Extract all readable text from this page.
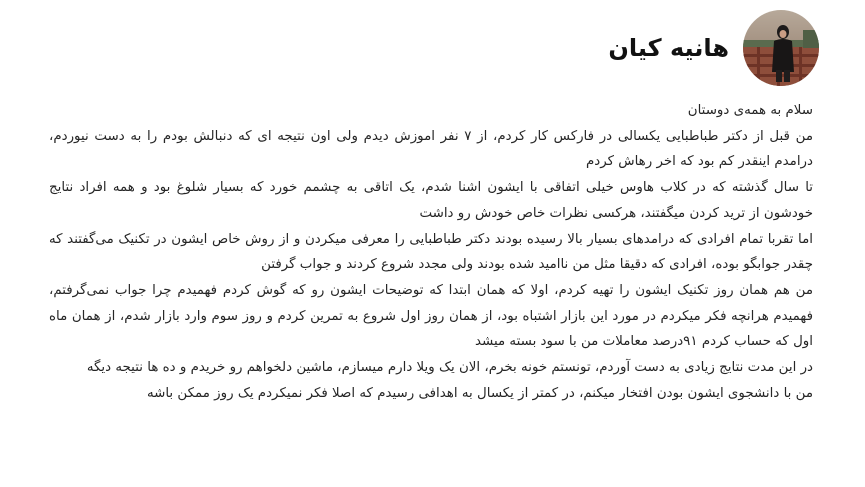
هانیه کیان

سلام به همه‌ی دوستان

من قبل از دکتر طباطبایی یکسالی در فارکس کار کردم، از ۷ نفر اموزش دیدم ولی اون نتیجه ای که دنبالش بودم را به دست نیوردم، درامدم اینقدر کم بود که اخر رهاش کردم

تا سال گذشته که در کلاب هاوس خیلی اتفاقی با ایشون اشنا شدم، یک اتاقی به چشمم خورد که بسیار شلوغ بود و همه افراد نتایج خودشون از ترید کردن میگفتند، هرکسی نظرات خاص خودش رو داشت

اما تقربا تمام افرادی که درامدهای بسیار بالا رسیده بودند دکتر طباطبایی را معرفی میکردن و از روش خاص ایشون در تکنیک می‌گفتند که چقدر جوابگو بوده، افرادی که دقیقا مثل من ناامید شده بودند ولی مجدد شروع کردند و جواب گرفتن

من هم همان روز تکنیک ایشون را تهیه کردم، اولا که همان ابتدا که توضیحات ایشون رو که گوش کردم فهمیدم چرا جواب نمی‌گرفتم، فهمیدم هرانچه فکر میکردم در مورد این بازار اشتباه بود، از همان روز اول شروع به تمرین کردم و روز سوم وارد بازار شدم، از همان ماه اول که حساب کردم ۹۱درصد معاملات من با سود بسته میشد

در این مدت نتایج زیادی به دست آوردم، تونستم خونه بخرم، الان یک ویلا دارم میسازم، ماشین دلخواهم رو خریدم و ده ها نتیجه دیگه

من با دانشجوی ایشون بودن افتخار میکنم، در کمتر از یکسال به اهدافی رسیدم که اصلا فکر نمیکردم یک روز ممکن باشه
